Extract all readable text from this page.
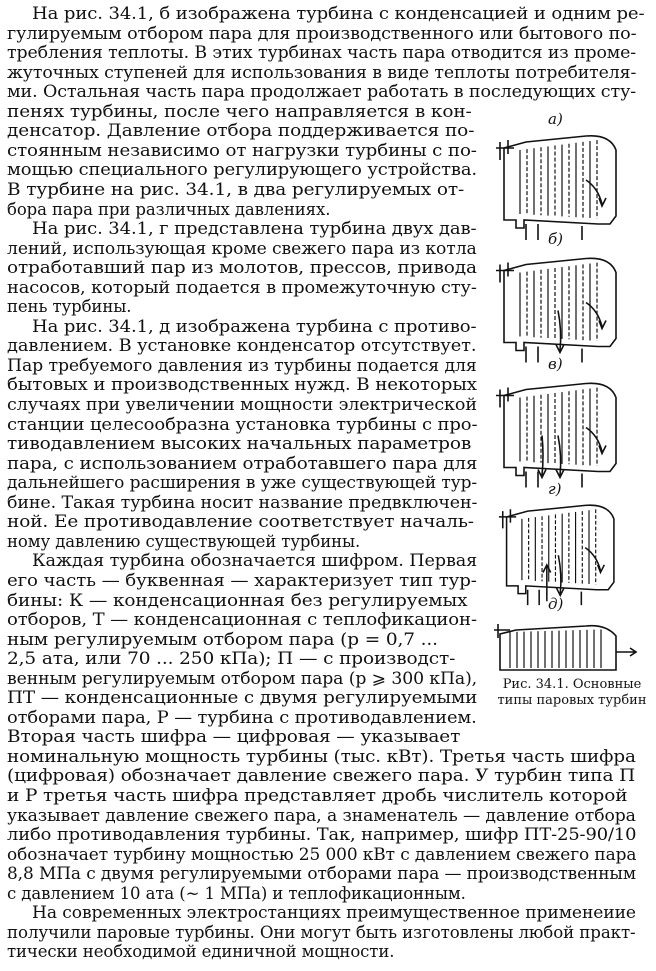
На рис. 34.1, б изображена турбина с конденсацией и одним ре-
гулируемым отбором пара для производственного или бытового по-
требления теплоты. В этих турбинах часть пара отводится из проме-
жуточных ступеней для использования в виде теплоты потребителя-
ми. Остальная часть пара продолжает работать в последующих сту-
пенях турбины, после чего направляется в кон-
денсатор. Давление отбора поддерживается по-
стоянным независимо от нагрузки турбины с по-
мощью специального регулирующего устройства.
В турбине на рис. 34.1, в два регулируемых от-
бора пара при различных давлениях.
На рис. 34.1, г представлена турбина двух дав-
лений, использующая кроме свежего пара из котла
отработавший пар из молотов, прессов, привода
насосов, который подается в промежуточную сту-
пень турбины.
На рис. 34.1, д изображена турбина с противо-
давлением. В установке конденсатор отсутствует.
Пар требуемого давления из турбины подается для
бытовых и производственных нужд. В некоторых
случаях при увеличении мощности электрической
станции целесообразна установка турбины с про-
тиводавлением высоких начальных параметров
пара, с использованием отработавшего пара для
дальнейшего расширения в уже существующей тур-
бине. Такая турбина носит название предвключен-
ной. Ее противодавление соответствует началь-
ному давлению существующей турбины.
Каждая турбина обозначается шифром. Первая
его часть — буквенная — характеризует тип тур-
бины: К — конденсационная без регулируемых
отборов, Т — конденсационная с теплофикацион-
ным регулируемым отбором пара (р = 0,7 ...
2,5 ата, или 70 ... 250 кПа); П — с производст-
венным регулируемым отбором пара (р ⩾ 300 кПа),
ПТ — конденсационные с двумя регулируемыми
отборами пара, Р — турбина с противодавлением.
Вторая часть шифра — цифровая — указывает
номинальную мощность турбины (тыс. кВт). Третья часть шифра
(цифровая) обозначает давление свежего пара. У турбин типа П
и Р третья часть шифра представляет дробь числитель которой
указывает давление свежего пара, а знаменатель — давление отбора
либо противодавления турбины. Так, например, шифр ПТ-25-90/10
обозначает турбину мощностью 25 000 кВт с давлением свежего пара
8,8 МПа с двумя регулируемыми отборами пара — производственным
с давлением 10 ата (~ 1 МПа) и теплофикационным.
На современных электростанциях преимущественное применеиие
получили паровые турбины. Они могут быть изготовлены любой практ-
тически необходимой единичной мощности.
а)
б)
в)
г)
д)
Рис. 34.1. Основные типы паровых турбин
